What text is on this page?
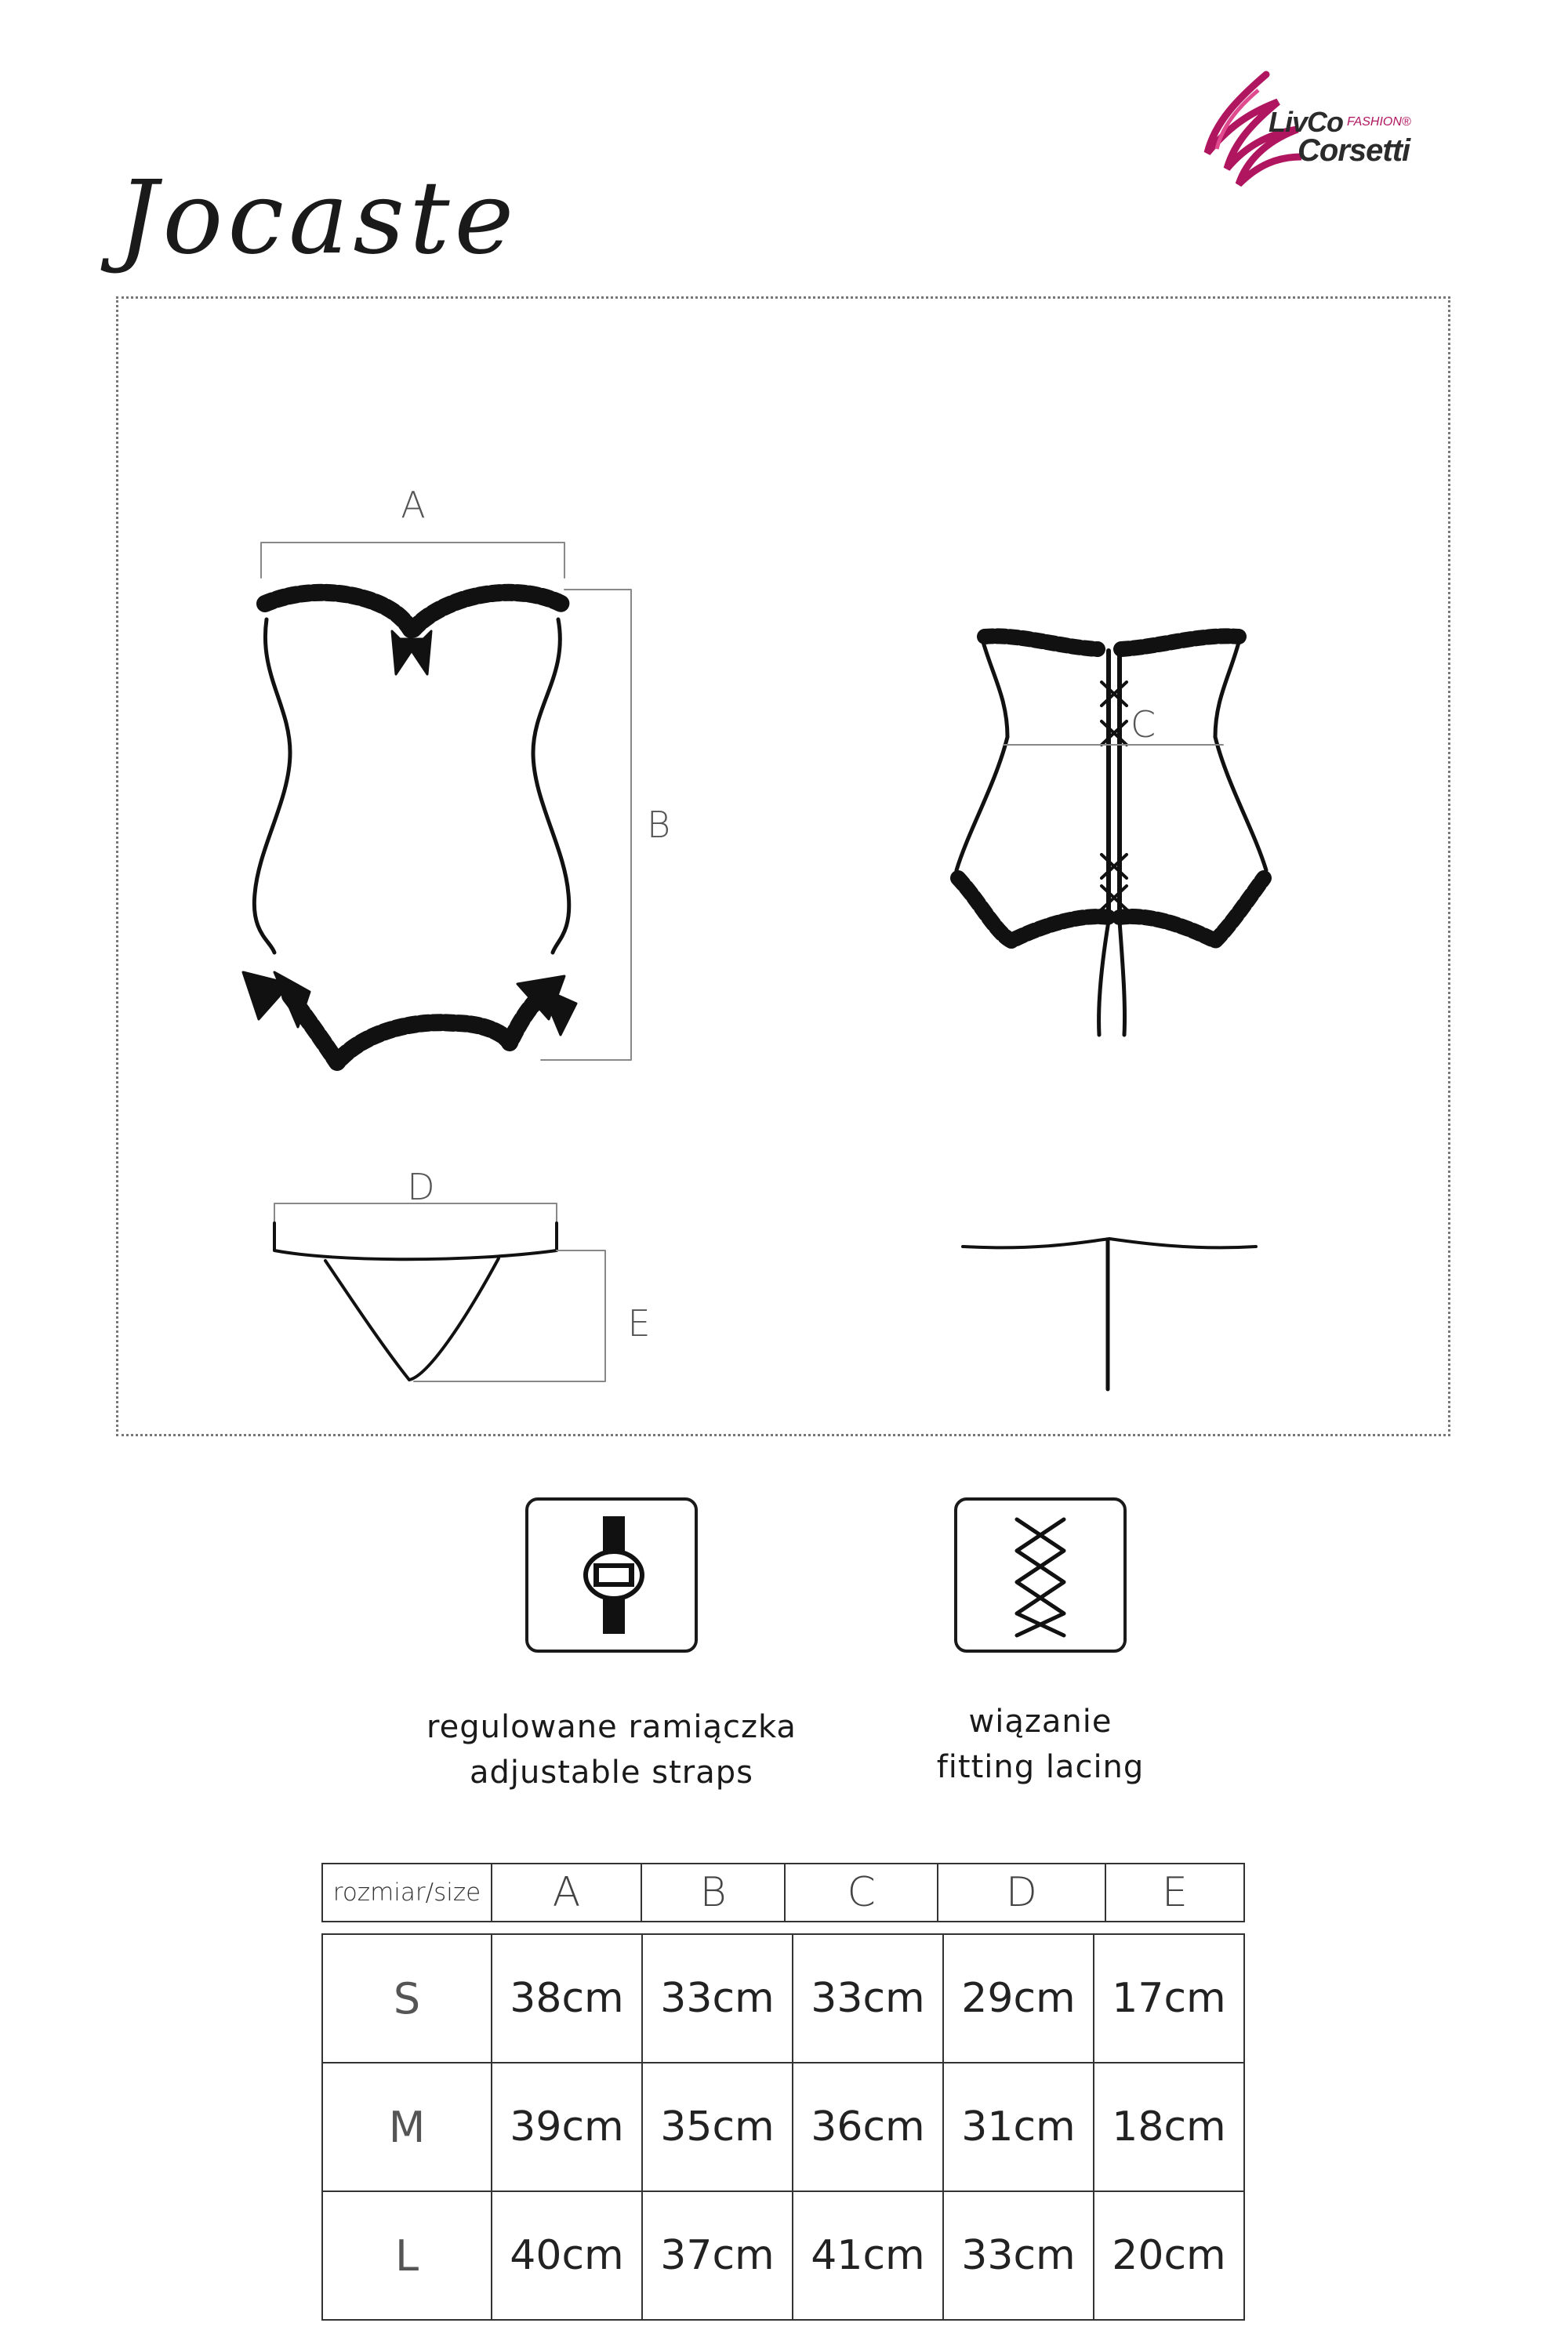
LivCo FASHION®
Corsetti
Jocaste
A
B
C
D
E
regulowane ramiączka
adjustable straps
wiązanie
fitting lacing
rozmiar/size	A	B	C	D	E
S	38cm	33cm	33cm	29cm	17cm
M	39cm	35cm	36cm	31cm	18cm
L	40cm	37cm	41cm	33cm	20cm
